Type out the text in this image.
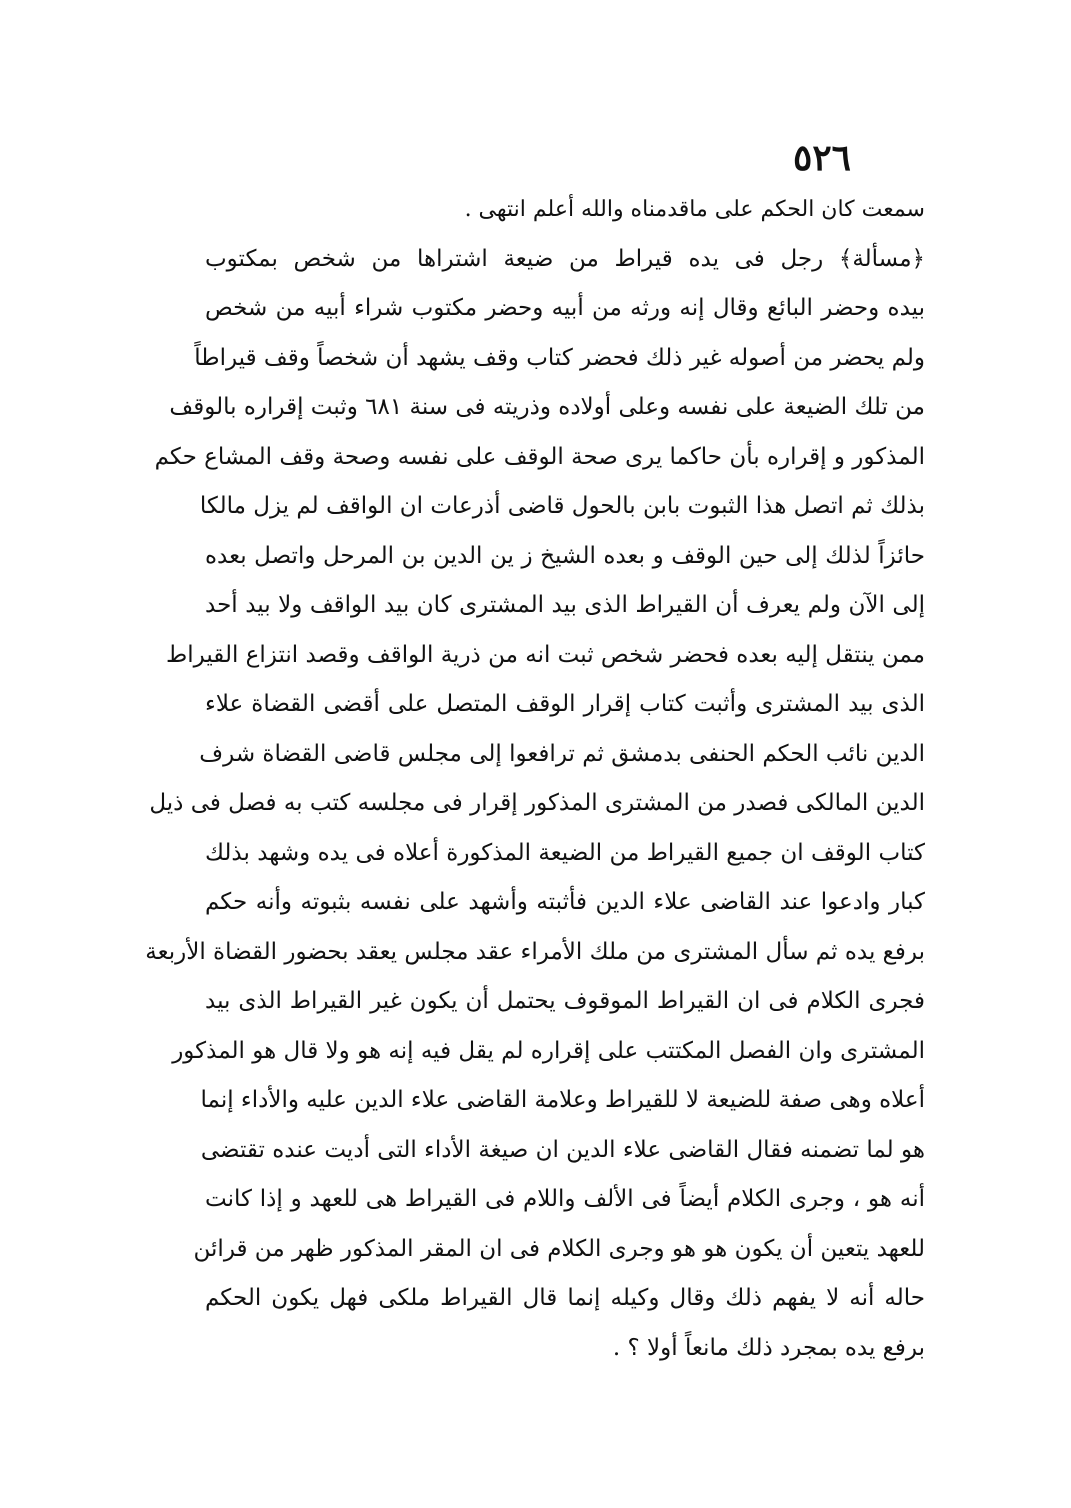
٥٢٦
سمعت كان الحكم على ماقدمناه والله أعلم انتهى .
﴿مسألة﴾ رجل فى يده قيراط من ضيعة اشتراها من شخص بمكتوب
بيده وحضر البائع وقال إنه ورثه من أبيه وحضر مكتوب شراء أبيه من شخص
ولم يحضر من أصوله غير ذلك فحضر كتاب وقف يشهد أن شخصاً وقف قيراطاً
من تلك الضيعة على نفسه وعلى أولاده وذريته فى سنة ٦٨١ وثبت إقراره بالوقف
المذكور و إقراره بأن حاكما يرى صحة الوقف على نفسه وصحة وقف المشاع حكم
بذلك ثم اتصل هذا الثبوت بابن بالحول قاضى أذرعات ان الواقف لم يزل مالكا
حائزاً لذلك إلى حين الوقف و بعده الشيخ ز ين الدين بن المرحل واتصل بعده
إلى الآن ولم يعرف أن القيراط الذى بيد المشترى كان بيد الواقف ولا بيد أحد
ممن ينتقل إليه بعده فحضر شخص ثبت انه من ذرية الواقف وقصد انتزاع القيراط
الذى بيد المشترى وأثبت كتاب إقرار الوقف المتصل على أقضى القضاة علاء
الدين نائب الحكم الحنفى بدمشق ثم ترافعوا إلى مجلس قاضى القضاة شرف
الدين المالكى فصدر من المشترى المذكور إقرار فى مجلسه كتب به فصل فى ذيل
كتاب الوقف ان جميع القيراط من الضيعة المذكورة أعلاه فى يده وشهد بذلك
كبار وادعوا عند القاضى علاء الدين فأثبته وأشهد على نفسه بثبوته وأنه حكم
برفع يده ثم سأل المشترى من ملك الأمراء عقد مجلس يعقد بحضور القضاة الأربعة
فجرى الكلام فى ان القيراط الموقوف يحتمل أن يكون غير القيراط الذى بيد
المشترى وان الفصل المكتتب على إقراره لم يقل فيه إنه هو ولا قال هو المذكور
أعلاه وهى صفة للضيعة لا للقيراط وعلامة القاضى علاء الدين عليه والأداء إنما
هو لما تضمنه فقال القاضى علاء الدين ان صيغة الأداء التى أديت عنده تقتضى
أنه هو ، وجرى الكلام أيضاً فى الألف واللام فى القيراط هى للعهد و إذا كانت
للعهد يتعين أن يكون هو هو وجرى الكلام فى ان المقر المذكور ظهر من قرائن
حاله أنه لا يفهم ذلك وقال وكيله إنما قال القيراط ملكى فهل يكون الحكم
برفع يده بمجرد ذلك مانعاً أولا ؟ .
